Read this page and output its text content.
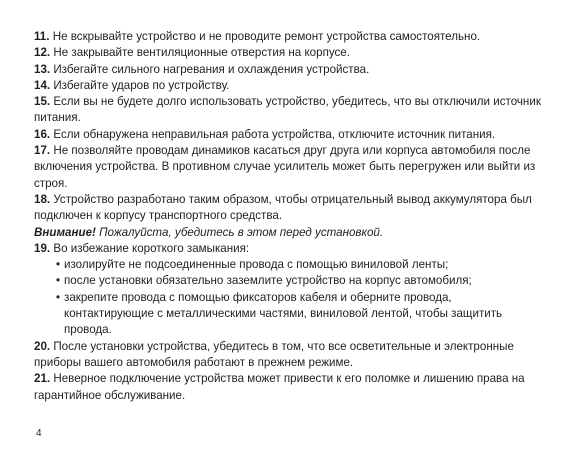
11. Не вскрывайте устройство и не проводите ремонт устройства самостоятельно.

12. Не закрывайте вентиляционные отверстия на корпусе.

13. Избегайте сильного нагревания и охлаждения устройства.

14. Избегайте ударов по устройству.

15. Если вы не будете долго использовать устройство, убедитесь, что вы отключили источник питания.

16. Если обнаружена неправильная работа устройства, отключите источник питания.

17. Не позволяйте проводам динамиков касаться друг друга или корпуса автомобиля после включения устройства. В противном случае усилитель может быть перегружен или выйти из строя.

18. Устройство разработано таким образом, чтобы отрицательный вывод аккумулятора был подключен к корпусу транспортного средства.

Внимание! Пожалуйста, убедитесь в этом перед установкой.

19. Во избежание короткого замыкания:

• изолируйте не подсоединенные провода с помощью виниловой ленты;
• после установки обязательно заземлите устройство на корпус автомобиля;
• закрепите провода с помощью фиксаторов кабеля и оберните провода, контактирующие с металлическими частями, виниловой лентой, чтобы защитить провода.

20. После установки устройства, убедитесь в том, что все осветительные и электронные приборы вашего автомобиля работают в прежнем режиме.

21. Неверное подключение устройства может привести к его поломке и лишению права на гарантийное обслуживание.

4
